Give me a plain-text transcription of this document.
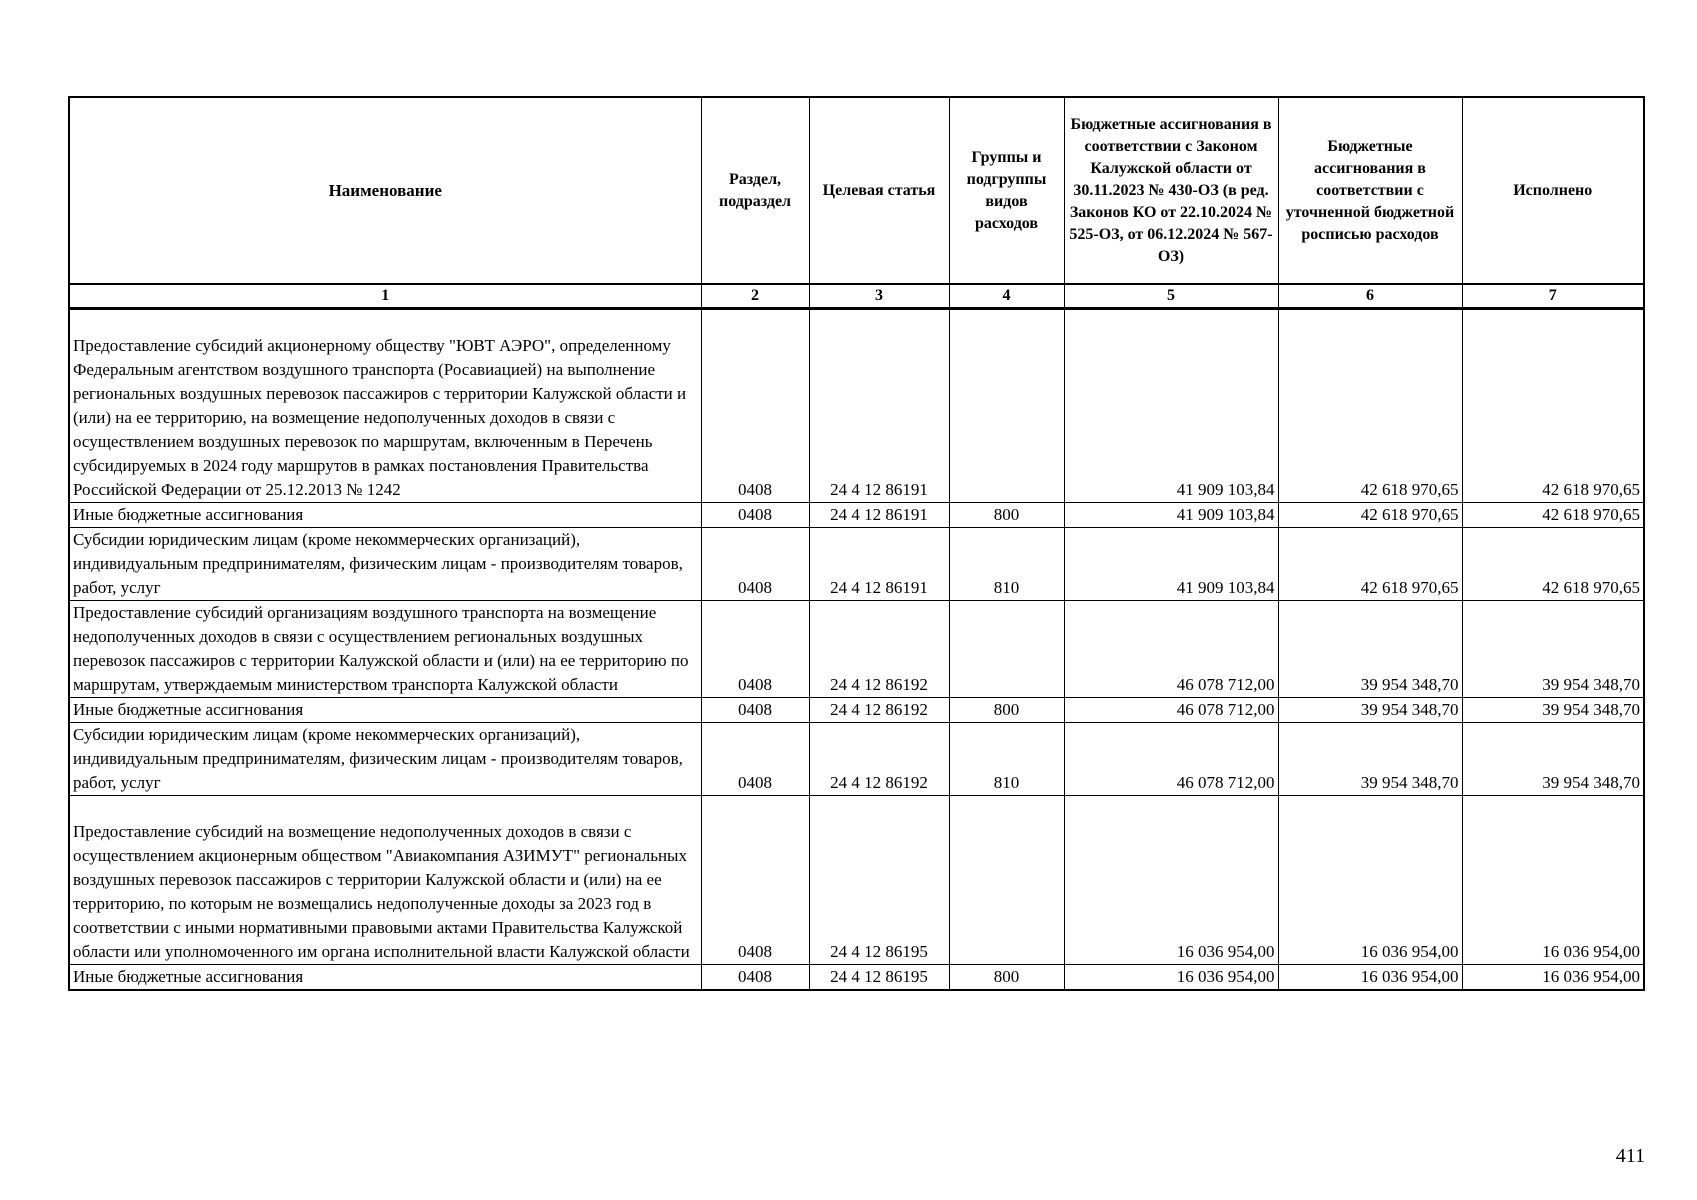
Наименование	Раздел, подраздел	Целевая статья	Группы и подгруппы видов расходов	Бюджетные ассигнования в соответствии с Законом Калужской области от 30.11.2023 № 430-ОЗ (в ред. Законов КО от 22.10.2024 № 525-ОЗ, от 06.12.2024 № 567-ОЗ)	Бюджетные ассигнования в соответствии с уточненной бюджетной росписью расходов	Исполнено
1	2	3	4	5	6	7
Предоставление субсидий акционерному обществу "ЮВТ АЭРО", определенному Федеральным агентством воздушного транспорта (Росавиацией) на выполнение региональных воздушных перевозок пассажиров с территории Калужской области и (или) на ее территорию, на возмещение недополученных доходов в связи с осуществлением воздушных перевозок по маршрутам, включенным в Перечень субсидируемых в 2024 году маршрутов в рамках постановления Правительства Российской Федерации от 25.12.2013 № 1242	0408	24 4 12 86191		41 909 103,84	42 618 970,65	42 618 970,65
Иные бюджетные ассигнования	0408	24 4 12 86191	800	41 909 103,84	42 618 970,65	42 618 970,65
Субсидии юридическим лицам (кроме некоммерческих организаций), индивидуальным предпринимателям, физическим лицам - производителям товаров, работ, услуг	0408	24 4 12 86191	810	41 909 103,84	42 618 970,65	42 618 970,65
Предоставление субсидий организациям воздушного транспорта на возмещение недополученных доходов в связи с осуществлением региональных воздушных перевозок пассажиров с территории Калужской области и (или) на ее территорию по маршрутам, утверждаемым министерством транспорта Калужской области	0408	24 4 12 86192		46 078 712,00	39 954 348,70	39 954 348,70
Иные бюджетные ассигнования	0408	24 4 12 86192	800	46 078 712,00	39 954 348,70	39 954 348,70
Субсидии юридическим лицам (кроме некоммерческих организаций), индивидуальным предпринимателям, физическим лицам - производителям товаров, работ, услуг	0408	24 4 12 86192	810	46 078 712,00	39 954 348,70	39 954 348,70
Предоставление субсидий на возмещение недополученных доходов в связи с осуществлением акционерным обществом "Авиакомпания АЗИМУТ" региональных воздушных перевозок пассажиров с территории Калужской области и (или) на ее территорию, по которым не возмещались недополученные доходы за 2023 год в соответствии с иными нормативными правовыми актами Правительства Калужской области или уполномоченного им органа исполнительной власти Калужской области	0408	24 4 12 86195		16 036 954,00	16 036 954,00	16 036 954,00
Иные бюджетные ассигнования	0408	24 4 12 86195	800	16 036 954,00	16 036 954,00	16 036 954,00
411
